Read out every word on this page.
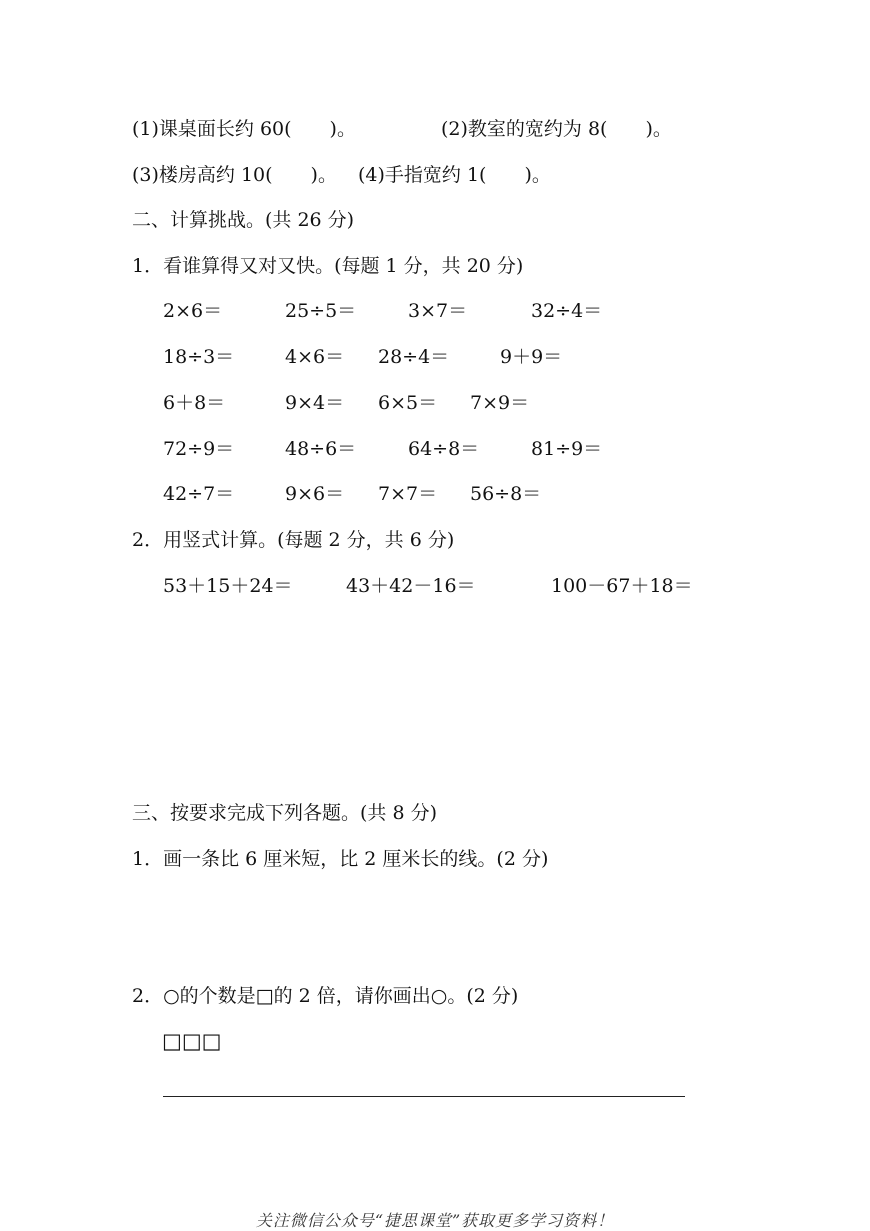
(1)课桌面长约 60(　　)。	(2)教室的宽约为 8(　　)。
(3)楼房高约 10(　　)。 (4)手指宽约 1(　　)。
二、计算挑战。(共 26 分)
1．看谁算得又对又快。(每题 1 分，共 20 分)
2×6＝	25÷5＝	3×7＝	32÷4＝
18÷3＝	4×6＝ 28÷4＝	9＋9＝
6＋8＝	9×4＝ 6×5＝ 7×9＝
72÷9＝	48÷6＝	64÷8＝	81÷9＝
42÷7＝	9×6＝ 7×7＝ 56÷8＝
2．用竖式计算。(每题 2 分，共 6 分)
53＋15＋24＝	43＋42－16＝	100－67＋18＝
三、按要求完成下列各题。(共 8 分)
1．画一条比 6 厘米短，比 2 厘米长的线。(2 分)
2．○的个数是□的 2 倍，请你画出○。(2 分)
□□□
关注微信公众号“捷思课堂”获取更多学习资料！
